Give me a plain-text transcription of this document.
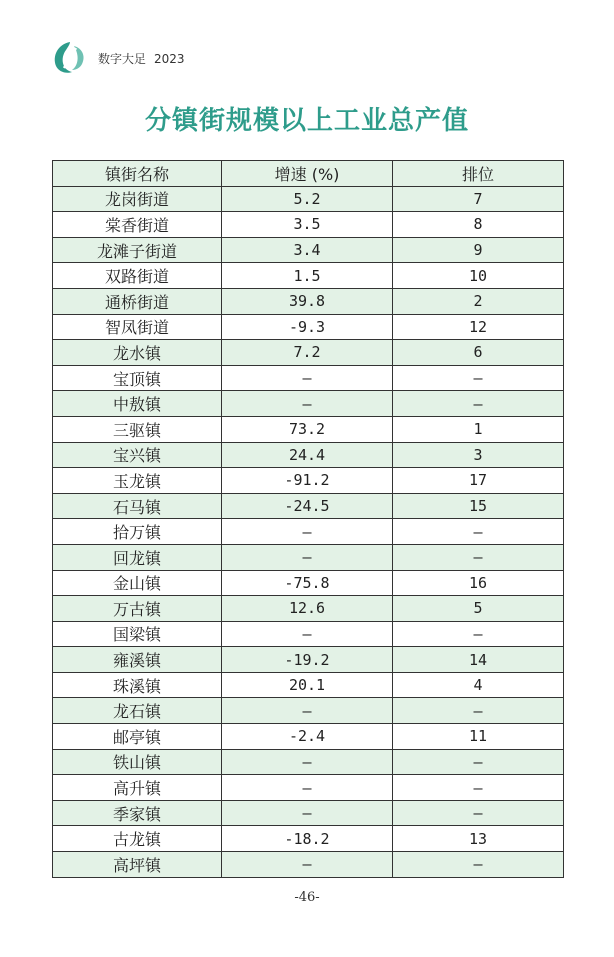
数字大足 2023
分镇街规模以上工业总产值
镇街名称	增速 (%)	排位
龙岗街道	5.2	7
棠香街道	3.5	8
龙滩子街道	3.4	9
双路街道	1.5	10
通桥街道	39.8	2
智凤街道	-9.3	12
龙水镇	7.2	6
宝顶镇	—	—
中敖镇	—	—
三驱镇	73.2	1
宝兴镇	24.4	3
玉龙镇	-91.2	17
石马镇	-24.5	15
拾万镇	—	—
回龙镇	—	—
金山镇	-75.8	16
万古镇	12.6	5
国梁镇	—	—
雍溪镇	-19.2	14
珠溪镇	20.1	4
龙石镇	—	—
邮亭镇	-2.4	11
铁山镇	—	—
高升镇	—	—
季家镇	—	—
古龙镇	-18.2	13
高坪镇	—	—
-46-
